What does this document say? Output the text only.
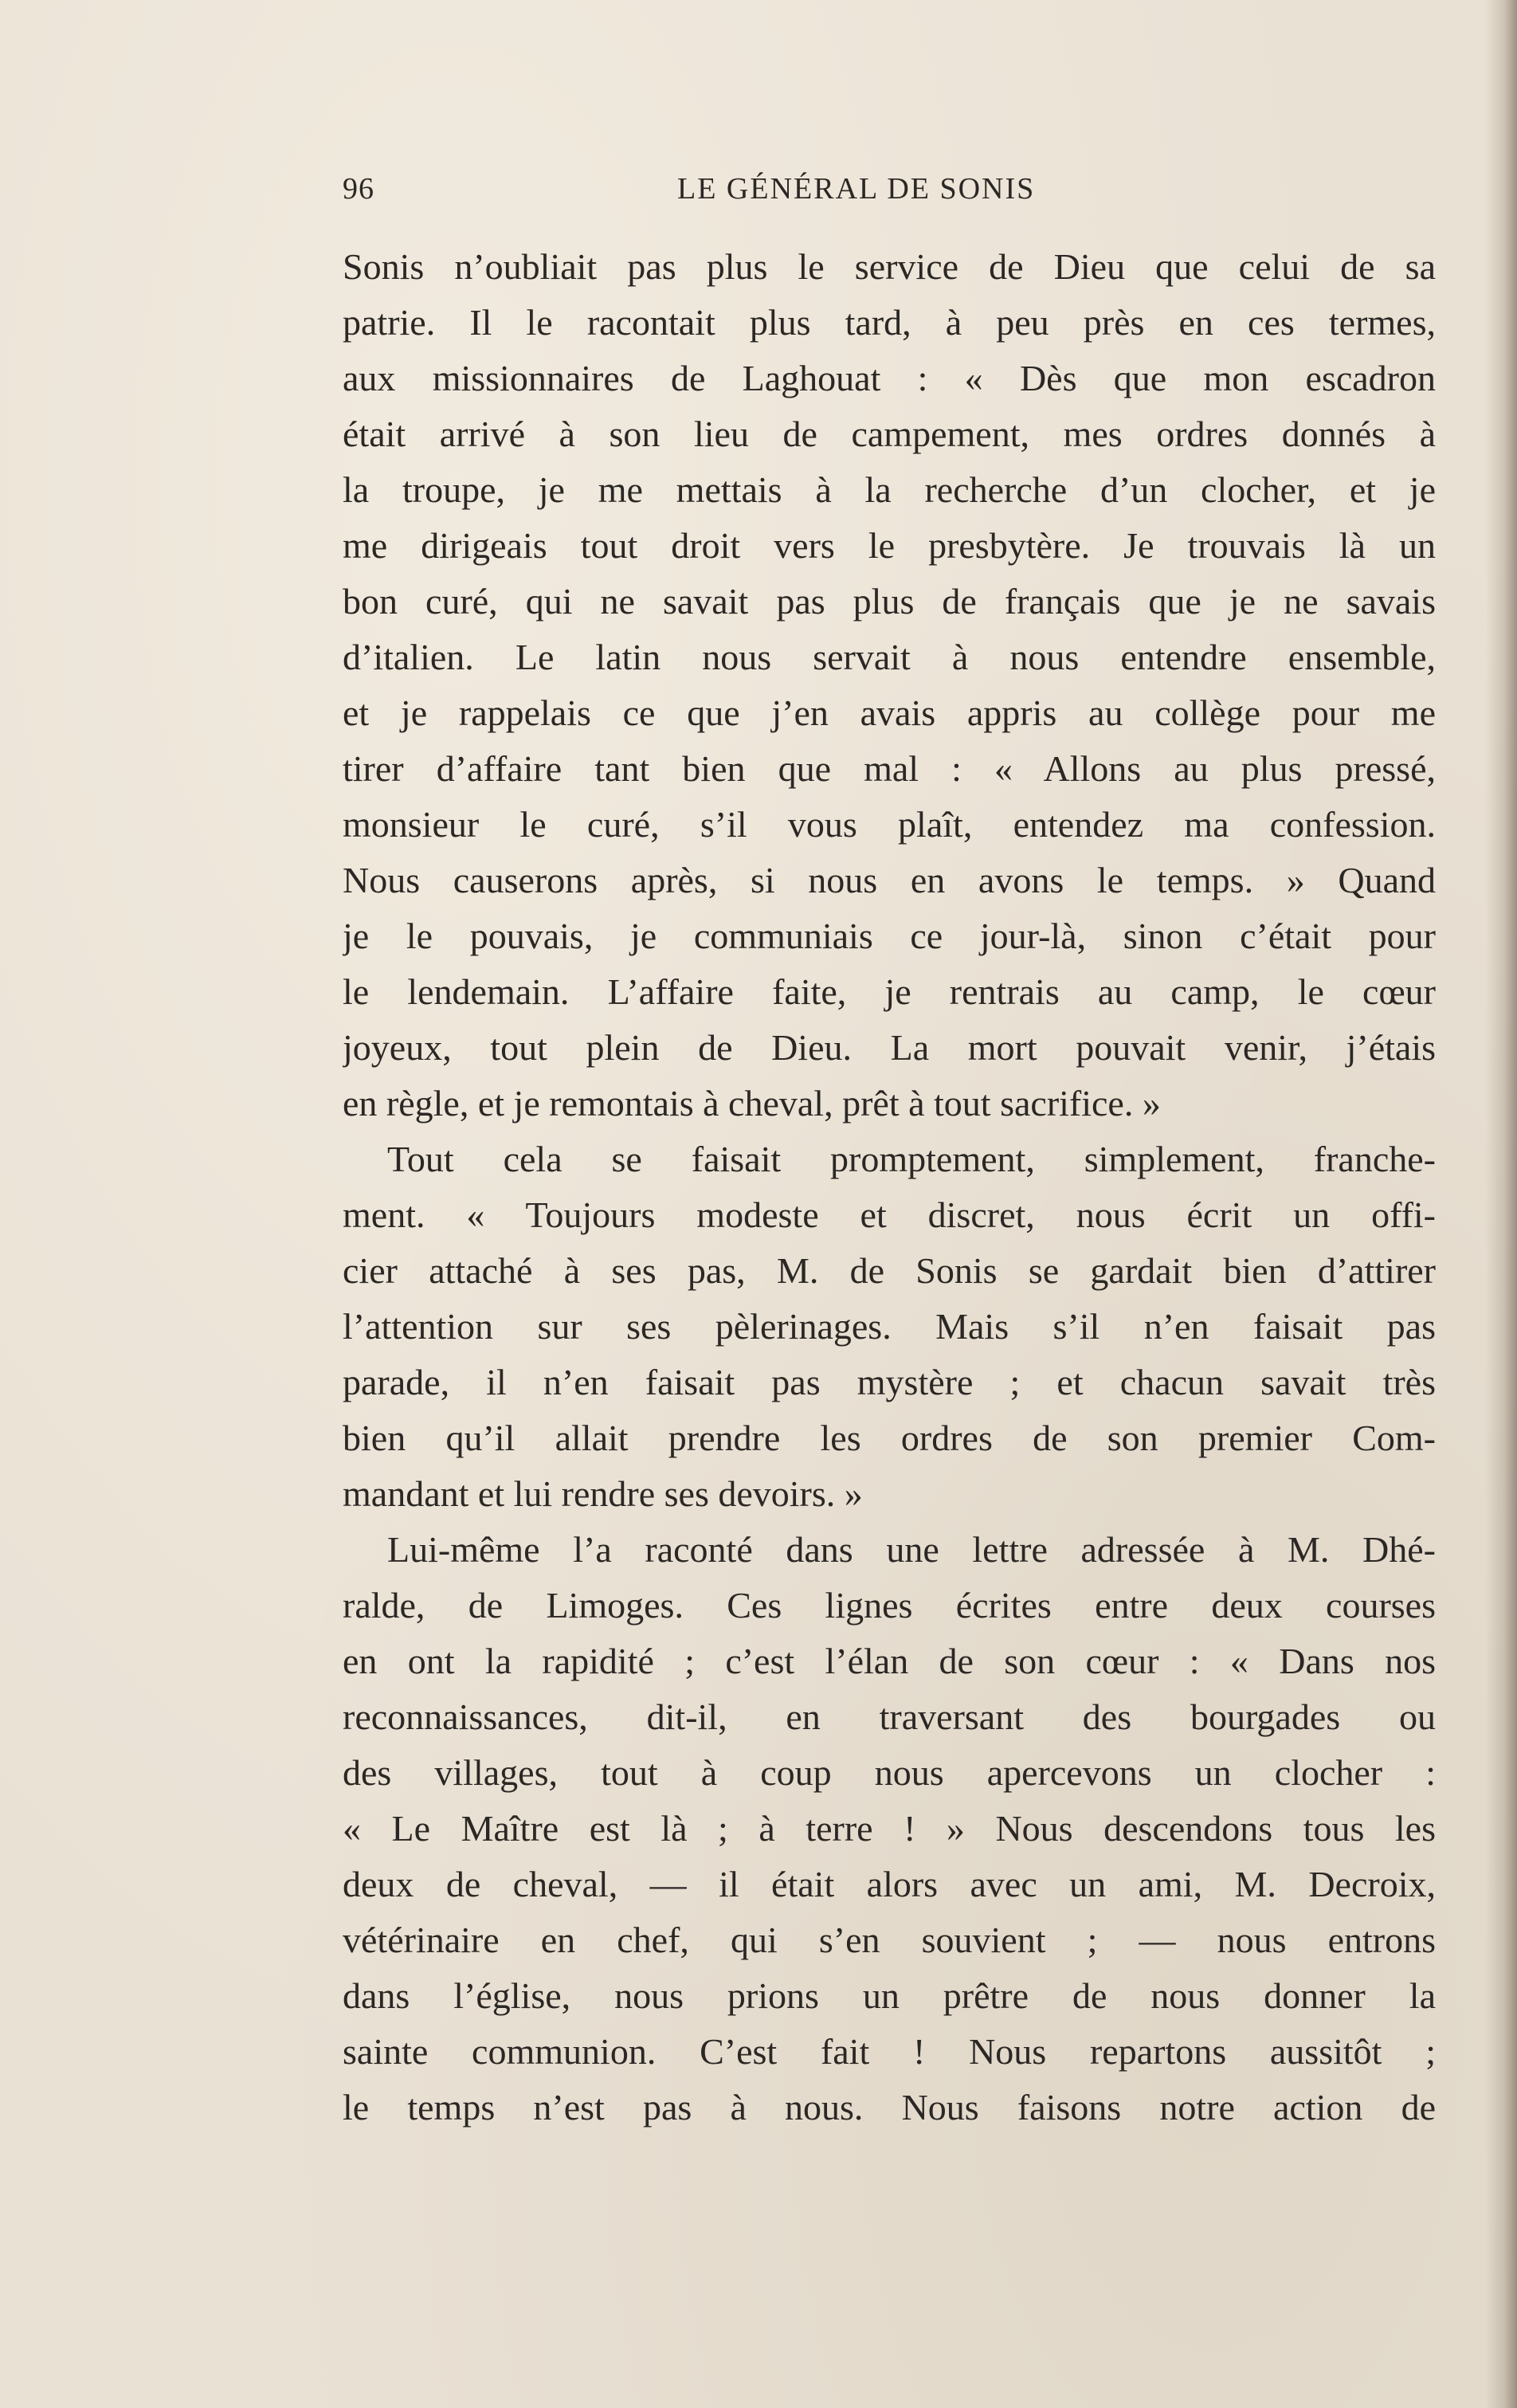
96	LE GÉNÉRAL DE SONIS
Sonis n’oubliait pas plus le service de Dieu que celui de sa
patrie. Il le racontait plus tard, à peu près en ces termes,
aux missionnaires de Laghouat : « Dès que mon escadron
était arrivé à son lieu de campement, mes ordres donnés à
la troupe, je me mettais à la recherche d’un clocher, et je
me dirigeais tout droit vers le presbytère. Je trouvais là un
bon curé, qui ne savait pas plus de français que je ne savais
d’italien. Le latin nous servait à nous entendre ensemble,
et je rappelais ce que j’en avais appris au collège pour me
tirer d’affaire tant bien que mal : « Allons au plus pressé,
monsieur le curé, s’il vous plaît, entendez ma confession.
Nous causerons après, si nous en avons le temps. » Quand
je le pouvais, je communiais ce jour-là, sinon c’était pour
le lendemain. L’affaire faite, je rentrais au camp, le cœur
joyeux, tout plein de Dieu. La mort pouvait venir, j’étais
en règle, et je remontais à cheval, prêt à tout sacrifice. »
Tout cela se faisait promptement, simplement, franche-
ment. « Toujours modeste et discret, nous écrit un offi-
cier attaché à ses pas, M. de Sonis se gardait bien d’attirer
l’attention sur ses pèlerinages. Mais s’il n’en faisait pas
parade, il n’en faisait pas mystère ; et chacun savait très
bien qu’il allait prendre les ordres de son premier Com-
mandant et lui rendre ses devoirs. »
Lui-même l’a raconté dans une lettre adressée à M. Dhé-
ralde, de Limoges. Ces lignes écrites entre deux courses
en ont la rapidité ; c’est l’élan de son cœur : « Dans nos
reconnaissances, dit-il, en traversant des bourgades ou
des villages, tout à coup nous apercevons un clocher :
« Le Maître est là ; à terre ! » Nous descendons tous les
deux de cheval, — il était alors avec un ami, M. Decroix,
vétérinaire en chef, qui s’en souvient ; — nous entrons
dans l’église, nous prions un prêtre de nous donner la
sainte communion. C’est fait ! Nous repartons aussitôt ;
le temps n’est pas à nous. Nous faisons notre action de
